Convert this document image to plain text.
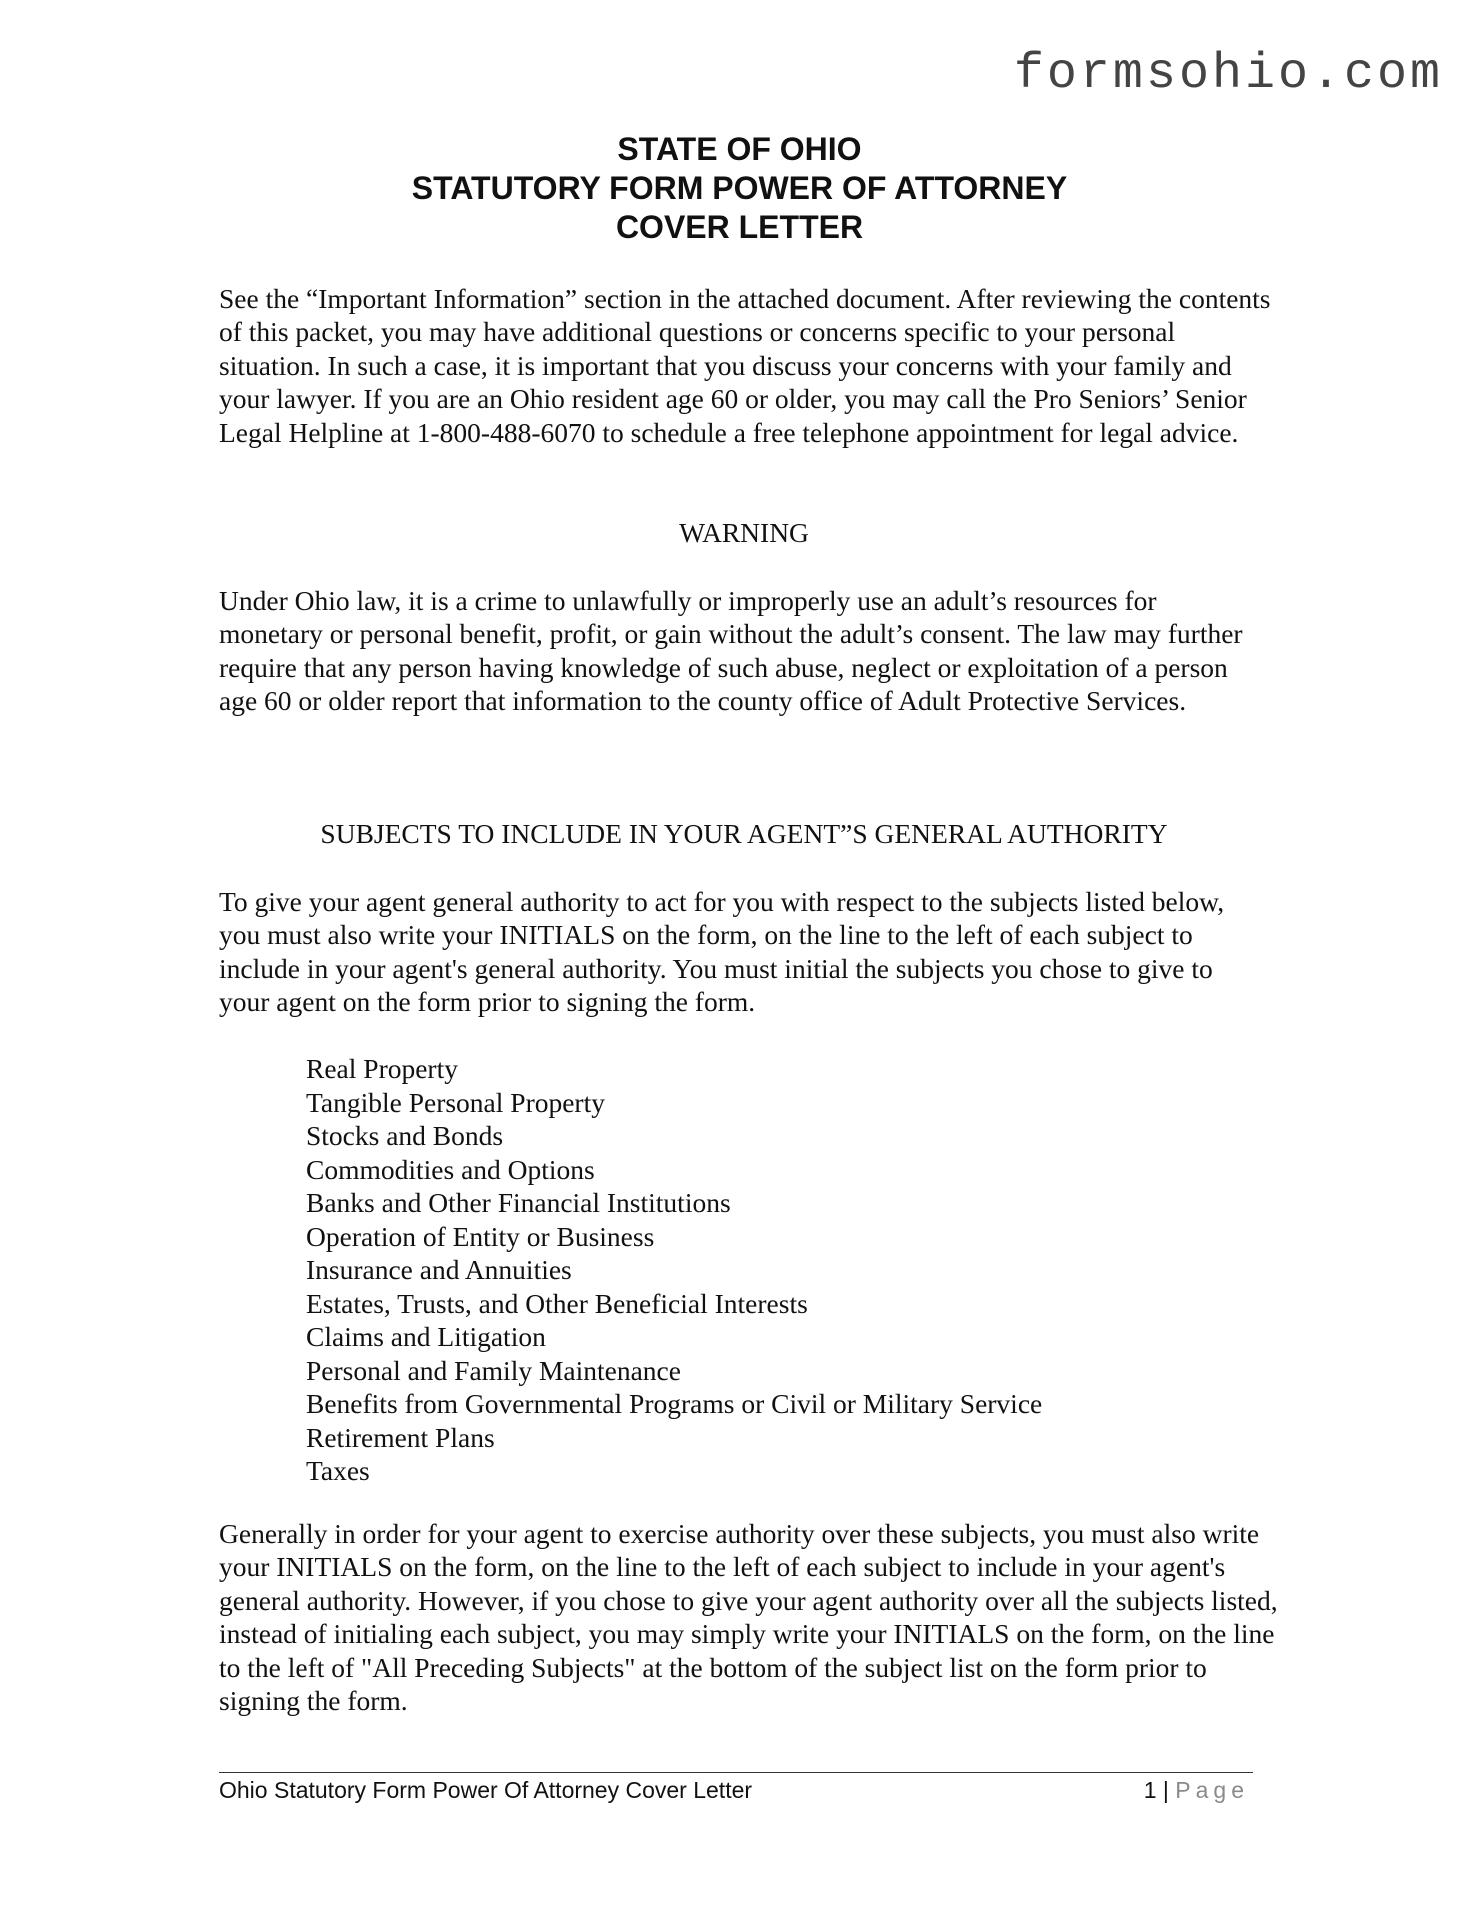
formsohio.com
STATE OF OHIO
STATUTORY FORM POWER OF ATTORNEY
COVER LETTER

See the “Important Information” section in the attached document. After reviewing the contents of this packet, you may have additional questions or concerns specific to your personal situation. In such a case, it is important that you discuss your concerns with your family and your lawyer. If you are an Ohio resident age 60 or older, you may call the Pro Seniors’ Senior Legal Helpline at 1-800-488-6070 to schedule a free telephone appointment for legal advice.

WARNING

Under Ohio law, it is a crime to unlawfully or improperly use an adult’s resources for monetary or personal benefit, profit, or gain without the adult’s consent. The law may further require that any person having knowledge of such abuse, neglect or exploitation of a person age 60 or older report that information to the county office of Adult Protective Services.

SUBJECTS TO INCLUDE IN YOUR AGENT”S GENERAL AUTHORITY

To give your agent general authority to act for you with respect to the subjects listed below, you must also write your INITIALS on the form, on the line to the left of each subject to include in your agent's general authority. You must initial the subjects you chose to give to your agent on the form prior to signing the form.

Real Property
Tangible Personal Property
Stocks and Bonds
Commodities and Options
Banks and Other Financial Institutions
Operation of Entity or Business
Insurance and Annuities
Estates, Trusts, and Other Beneficial Interests
Claims and Litigation
Personal and Family Maintenance
Benefits from Governmental Programs or Civil or Military Service
Retirement Plans
Taxes

Generally in order for your agent to exercise authority over these subjects, you must also write your INITIALS on the form, on the line to the left of each subject to include in your agent's general authority. However, if you chose to give your agent authority over all the subjects listed, instead of initialing each subject, you may simply write your INITIALS on the form, on the line to the left of "All Preceding Subjects" at the bottom of the subject list on the form prior to signing the form.

Ohio Statutory Form Power Of Attorney Cover Letter	1 | Page
